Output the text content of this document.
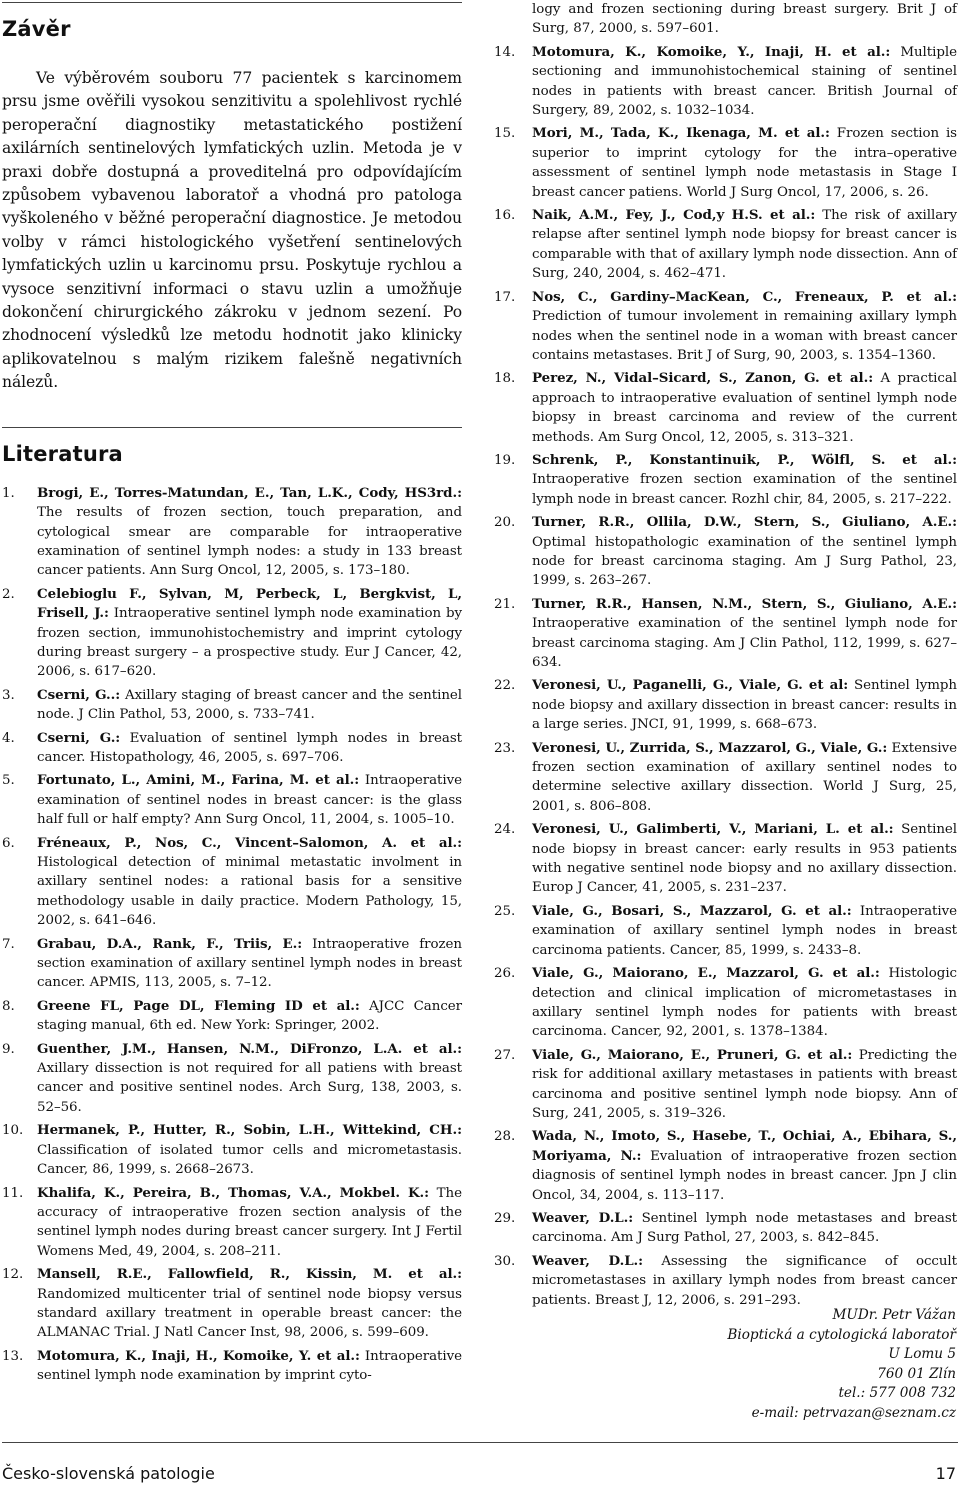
Závěr

Ve výběrovém souboru 77 pacientek s karcinomem prsu jsme ověřili vysokou senzitivitu a spolehlivost rychlé peroperační diagnostiky metastatického postižení axilárních sentinelových lymfatických uzlin. Metoda je v praxi dobře dostupná a proveditelná pro odpovídajícím způsobem vybavenou laboratoř a vhodná pro patologa vyškoleného v běžné peroperační diagnostice. Je metodou volby v rámci histologického vyšetření sentinelových lymfatických uzlin u karcinomu prsu. Poskytuje rychlou a vysoce senzitivní informaci o stavu uzlin a umožňuje dokončení chirurgického zákroku v jednom sezení. Po zhodnocení výsledků lze metodu hodnotit jako klinicky aplikovatelnou s malým rizikem falešně negativních nálezů.

Literatura
1. Brogi, E., Torres-Matundan, E., Tan, L.K., Cody, HS3rd.: The results of frozen section, touch preparation, and cytological smear are comparable for intraoperative examination of sentinel lymph nodes: a study in 133 breast cancer patients. Ann Surg Oncol, 12, 2005, s. 173–180.
2. Celebioglu F., Sylvan, M, Perbeck, L, Bergkvist, L, Frisell, J.: Intraoperative sentinel lymph node examination by frozen section, immunohistochemistry and imprint cytology during breast surgery – a prospective study. Eur J Cancer, 42, 2006, s. 617–620.
3. Cserni, G..: Axillary staging of breast cancer and the sentinel node. J Clin Pathol, 53, 2000, s. 733–741.
4. Cserni, G.: Evaluation of sentinel lymph nodes in breast cancer. Histopathology, 46, 2005, s. 697–706.
5. Fortunato, L., Amini, M., Farina, M. et al.: Intraoperative examination of sentinel nodes in breast cancer: is the glass half full or half empty? Ann Surg Oncol, 11, 2004, s. 1005–10.
6. Fréneaux, P., Nos, C., Vincent–Salomon, A. et al.: Histological detection of minimal metastatic involment in axillary sentinel nodes: a rational basis for a sensitive methodology usable in daily practice. Modern Pathology, 15, 2002, s. 641–646.
7. Grabau, D.A., Rank, F., Triis, E.: Intraoperative frozen section examination of axillary sentinel lymph nodes in breast cancer. APMIS, 113, 2005, s. 7–12.
8. Greene FL, Page DL, Fleming ID et al.: AJCC Cancer staging manual, 6th ed. New York: Springer, 2002.
9. Guenther, J.M., Hansen, N.M., DiFronzo, L.A. et al.: Axillary dissection is not required for all patiens with breast cancer and positive sentinel nodes. Arch Surg, 138, 2003, s. 52–56.
10. Hermanek, P., Hutter, R., Sobin, L.H., Wittekind, CH.: Classification of isolated tumor cells and micrometastasis. Cancer, 86, 1999, s. 2668–2673.
11. Khalifa, K., Pereira, B., Thomas, V.A., Mokbel. K.: The accuracy of intraoperative frozen section analysis of the sentinel lymph nodes during breast cancer surgery. Int J Fertil Womens Med, 49, 2004, s. 208–211.
12. Mansell, R.E., Fallowfield, R., Kissin, M. et al.: Randomized multicenter trial of sentinel node biopsy versus standard axillary treatment in operable breast cancer: the ALMANAC Trial. J Natl Cancer Inst, 98, 2006, s. 599–609.
13. Motomura, K., Inaji, H., Komoike, Y. et al.: Intraoperative sentinel lymph node examination by imprint cyto-

logy and frozen sectioning during breast surgery. Brit J of Surg, 87, 2000, s. 597–601.

14. Motomura, K., Komoike, Y., Inaji, H. et al.: Multiple sectioning and immunohistochemical staining of sentinel nodes in patients with breast cancer. British Journal of Surgery, 89, 2002, s. 1032–1034.
15. Mori, M., Tada, K., Ikenaga, M. et al.: Frozen section is superior to imprint cytology for the intra–operative assessment of sentinel lymph node metastasis in Stage I breast cancer patiens. World J Surg Oncol, 17, 2006, s. 26.
16. Naik, A.M., Fey, J., Cod,y H.S. et al.: The risk of axillary relapse after sentinel lymph node biopsy for breast cancer is comparable with that of axillary lymph node dissection. Ann of Surg, 240, 2004, s. 462–471.
17. Nos, C., Gardiny–MacKean, C., Freneaux, P. et al.: Prediction of tumour involement in remaining axillary lymph nodes when the sentinel node in a woman with breast cancer contains metastases. Brit J of Surg, 90, 2003, s. 1354–1360.
18. Perez, N., Vidal–Sicard, S., Zanon, G. et al.: A practical approach to intraoperative evaluation of sentinel lymph node biopsy in breast carcinoma and review of the current methods. Am Surg Oncol, 12, 2005, s. 313–321.
19. Schrenk, P., Konstantinuik, P., Wölfl, S. et al.: Intraoperative frozen section examination of the sentinel lymph node in breast cancer. Rozhl chir, 84, 2005, s. 217–222.
20. Turner, R.R., Ollila, D.W., Stern, S., Giuliano, A.E.: Optimal histopathologic examination of the sentinel lymph node for breast carcinoma staging. Am J Surg Pathol, 23, 1999, s. 263–267.
21. Turner, R.R., Hansen, N.M., Stern, S., Giuliano, A.E.: Intraoperative examination of the sentinel lymph node for breast carcinoma staging. Am J Clin Pathol, 112, 1999, s. 627–634.
22. Veronesi, U., Paganelli, G., Viale, G. et al: Sentinel lymph node biopsy and axillary dissection in breast cancer: results in a large series. JNCI, 91, 1999, s. 668–673.
23. Veronesi, U., Zurrida, S., Mazzarol, G., Viale, G.: Extensive frozen section examination of axillary sentinel nodes to determine selective axillary dissection. World J Surg, 25, 2001, s. 806–808.
24. Veronesi, U., Galimberti, V., Mariani, L. et al.: Sentinel node biopsy in breast cancer: early results in 953 patients with negative sentinel node biopsy and no axillary dissection. Europ J Cancer, 41, 2005, s. 231–237.
25. Viale, G., Bosari, S., Mazzarol, G. et al.: Intraoperative examination of axillary sentinel lymph nodes in breast carcinoma patients. Cancer, 85, 1999, s. 2433–8.
26. Viale, G., Maiorano, E., Mazzarol, G. et al.: Histologic detection and clinical implication of micrometastases in axillary sentinel lymph nodes for patients with breast carcinoma. Cancer, 92, 2001, s. 1378–1384.
27. Viale, G., Maiorano, E., Pruneri, G. et al.: Predicting the risk for additional axillary metastases in patients with breast carcinoma and positive sentinel lymph node biopsy. Ann of Surg, 241, 2005, s. 319–326.
28. Wada, N., Imoto, S., Hasebe, T., Ochiai, A., Ebihara, S., Moriyama, N.: Evaluation of intraoperative frozen section diagnosis of sentinel lymph nodes in breast cancer. Jpn J clin Oncol, 34, 2004, s. 113–117.
29. Weaver, D.L.: Sentinel lymph node metastases and breast carcinoma. Am J Surg Pathol, 27, 2003, s. 842–845.
30. Weaver, D.L.: Assessing the significance of occult micrometastases in axillary lymph nodes from breast cancer patients. Breast J, 12, 2006, s. 291–293.
MUDr. Petr Vážan
Bioptická a cytologická laboratoř
U Lomu 5
760 01 Zlín
tel.: 577 008 732
e-mail: petrvazan@seznam.cz
Česko-slovenská patologie	17
